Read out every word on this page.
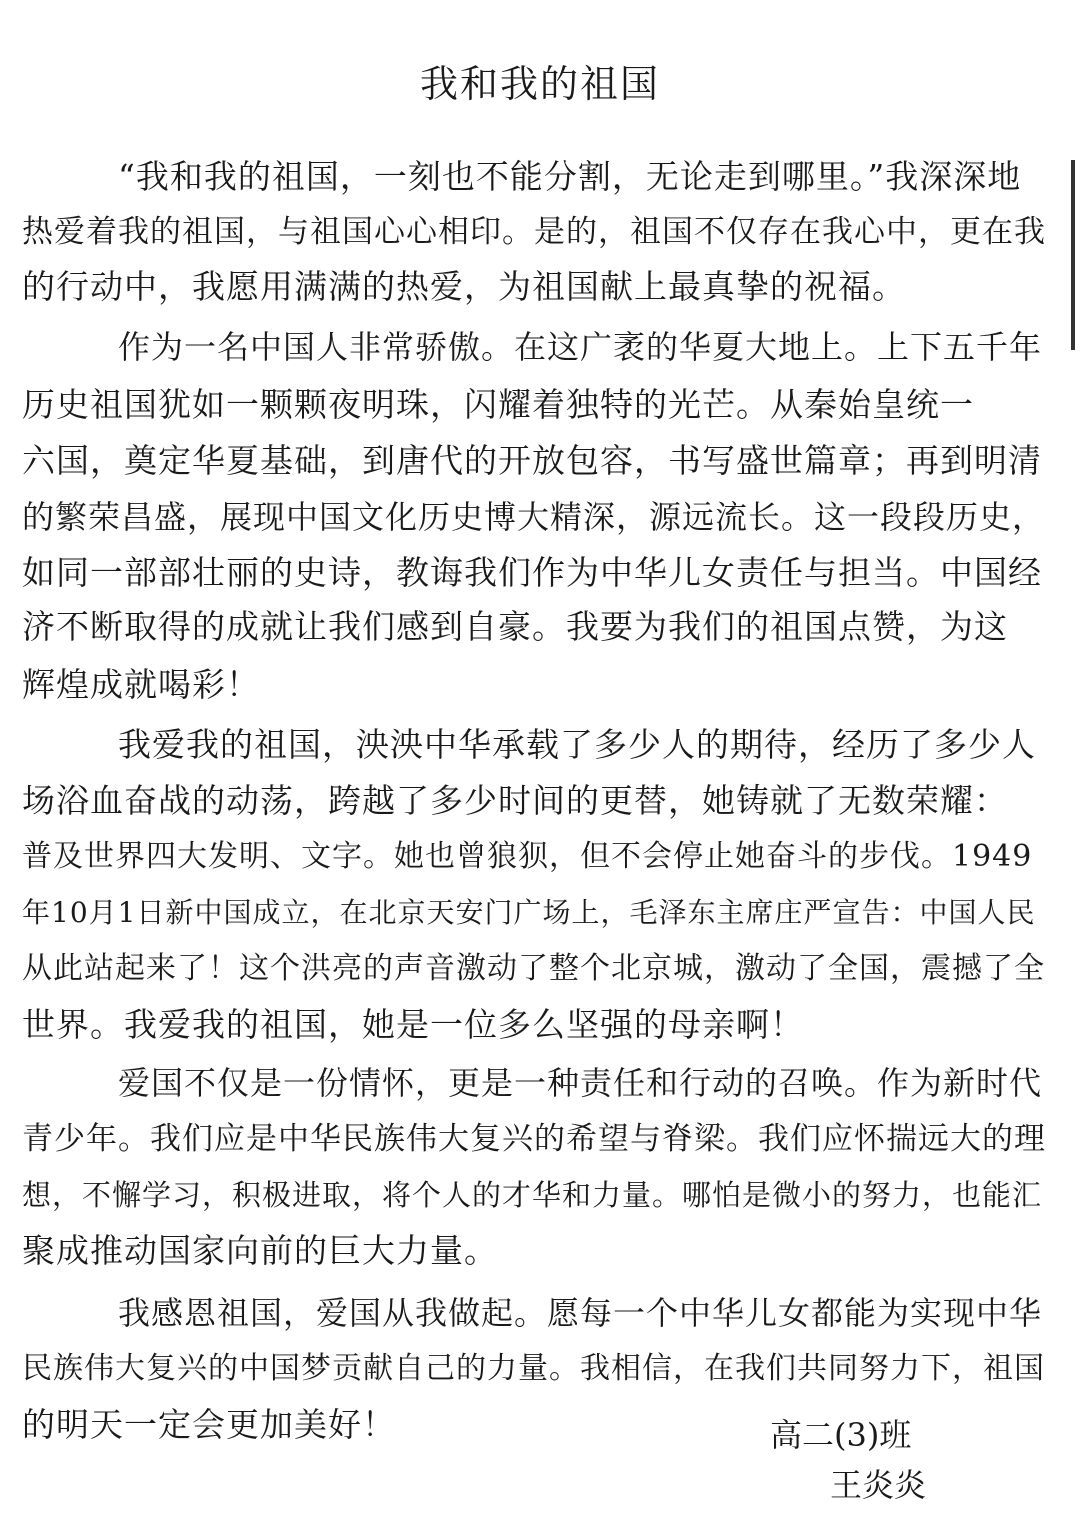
我和我的祖国
“我和我的祖国，一刻也不能分割，无论走到哪里。”我深深地
热爱着我的祖国，与祖国心心相印。是的，祖国不仅存在我心中，更在我
的行动中，我愿用满满的热爱，为祖国献上最真挚的祝福。
作为一名中国人非常骄傲。在这广袤的华夏大地上。上下五千年
历史祖国犹如一颗颗夜明珠，闪耀着独特的光芒。从秦始皇统一
六国，奠定华夏基础，到唐代的开放包容，书写盛世篇章；再到明清
的繁荣昌盛，展现中国文化历史博大精深，源远流长。这一段段历史，
如同一部部壮丽的史诗，教诲我们作为中华儿女责任与担当。中国经
济不断取得的成就让我们感到自豪。我要为我们的祖国点赞，为这
辉煌成就喝彩！
我爱我的祖国，泱泱中华承载了多少人的期待，经历了多少人
场浴血奋战的动荡，跨越了多少时间的更替，她铸就了无数荣耀：
普及世界四大发明、文字。她也曾狼狈，但不会停止她奋斗的步伐。1949
年10月1日新中国成立，在北京天安门广场上，毛泽东主席庄严宣告：中国人民
从此站起来了！这个洪亮的声音激动了整个北京城，激动了全国，震撼了全
世界。我爱我的祖国，她是一位多么坚强的母亲啊！
爱国不仅是一份情怀，更是一种责任和行动的召唤。作为新时代
青少年。我们应是中华民族伟大复兴的希望与脊梁。我们应怀揣远大的理
想，不懈学习，积极进取，将个人的才华和力量。哪怕是微小的努力，也能汇
聚成推动国家向前的巨大力量。
我感恩祖国，爱国从我做起。愿每一个中华儿女都能为实现中华
民族伟大复兴的中国梦贡献自己的力量。我相信，在我们共同努力下，祖国
的明天一定会更加美好！	高二(3)班
王炎炎
